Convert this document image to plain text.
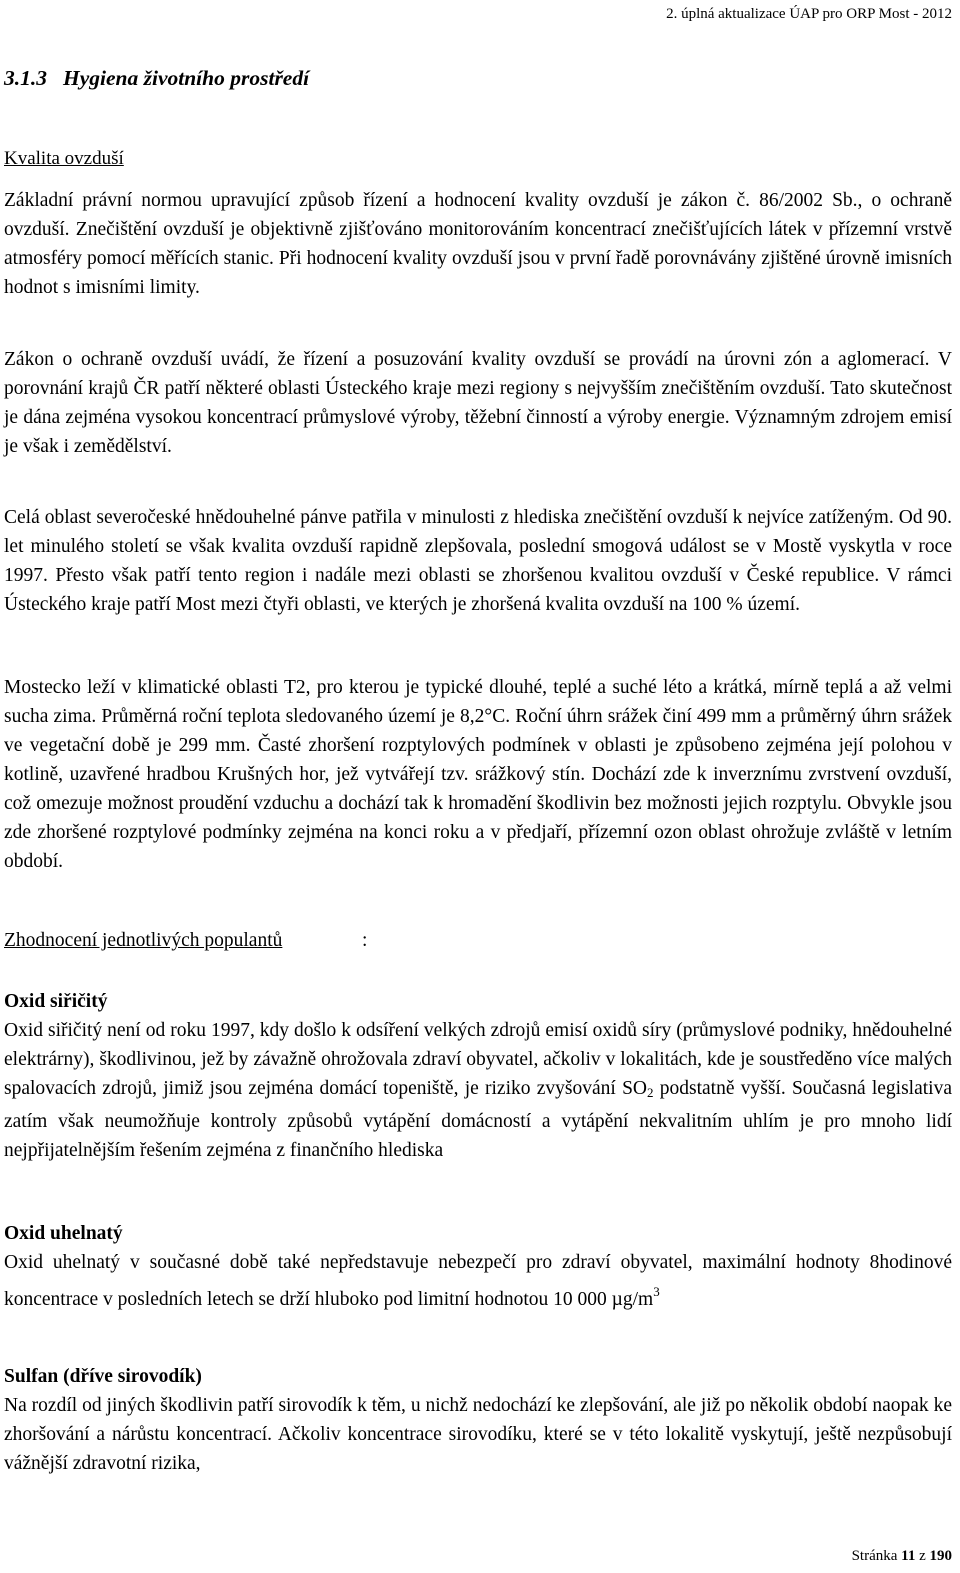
2. úplná aktualizace ÚAP pro ORP Most - 2012
3.1.3 Hygiena životního prostředí
Kvalita ovzduší

Základní právní normou upravující způsob řízení a hodnocení kvality ovzduší je zákon č. 86/2002 Sb., o ochraně ovzduší. Znečištění ovzduší je objektivně zjišťováno monitorováním koncentrací znečišťujících látek v přízemní vrstvě atmosféry pomocí měřících stanic. Při hodnocení kvality ovzduší jsou v první řadě porovnávány zjištěné úrovně imisních hodnot s imisními limity.

Zákon o ochraně ovzduší uvádí, že řízení a posuzování kvality ovzduší se provádí na úrovni zón a aglomerací. V porovnání krajů ČR patří některé oblasti Ústeckého kraje mezi regiony s nejvyšším znečištěním ovzduší. Tato skutečnost je dána zejména vysokou koncentrací průmyslové výroby, těžební činností a výroby energie. Významným zdrojem emisí je však i zemědělství.

Celá oblast severočeské hnědouhelné pánve patřila v minulosti z hlediska znečištění ovzduší k nejvíce zatíženým. Od 90. let minulého století se však kvalita ovzduší rapidně zlepšovala, poslední smogová událost se v Mostě vyskytla v roce 1997. Přesto však patří tento region i nadále mezi oblasti se zhoršenou kvalitou ovzduší v České republice. V rámci Ústeckého kraje patří Most mezi čtyři oblasti, ve kterých je zhoršená kvalita ovzduší na 100 % území.

Mostecko leží v klimatické oblasti T2, pro kterou je typické dlouhé, teplé a suché léto a krátká, mírně teplá a až velmi sucha zima. Průměrná roční teplota sledovaného území je 8,2°C. Roční úhrn srážek činí 499 mm a průměrný úhrn srážek ve vegetační době je 299 mm. Časté zhoršení rozptylových podmínek v oblasti je způsobeno zejména její polohou v kotlině, uzavřené hradbou Krušných hor, jež vytvářejí tzv. srážkový stín. Dochází zde k inverznímu zvrstvení ovzduší, což omezuje možnost proudění vzduchu a dochází tak k hromadění škodlivin bez možnosti jejich rozptylu. Obvykle jsou zde zhoršené rozptylové podmínky zejména na konci roku a v předjaří, přízemní ozon oblast ohrožuje zvláště v letním období.

Zhodnocení jednotlivých populantů	:
Oxid siřičitý

Oxid siřičitý není od roku 1997, kdy došlo k odsíření velkých zdrojů emisí oxidů síry (průmyslové podniky, hnědouhelné elektrárny), škodlivinou, jež by závažně ohrožovala zdraví obyvatel, ačkoliv v lokalitách, kde je soustředěno více malých spalovacích zdrojů, jimiž jsou zejména domácí topeniště, je riziko zvyšování $SO_2$ podstatně vyšší. Současná legislativa zatím však neumožňuje kontroly způsobů vytápění domácností a vytápění nekvalitním uhlím je pro mnoho lidí nejpřijatelnějším řešením zejména z finančního hlediska

Oxid uhelnatý

Oxid uhelnatý v současné době také nepředstavuje nebezpečí pro zdraví obyvatel, maximální hodnoty 8hodinové koncentrace v posledních letech se drží hluboko pod limitní hodnotou 10 000 $\mu g/m^3$

Sulfan (dříve sirovodík)

Na rozdíl od jiných škodlivin patří sirovodík k těm, u nichž nedochází ke zlepšování, ale již po několik období naopak ke zhoršování a nárůstu koncentrací. Ačkoliv koncentrace sirovodíku, které se v této lokalitě vyskytují, ještě nezpůsobují vážnější zdravotní rizika,

Stránka 11 z 190
